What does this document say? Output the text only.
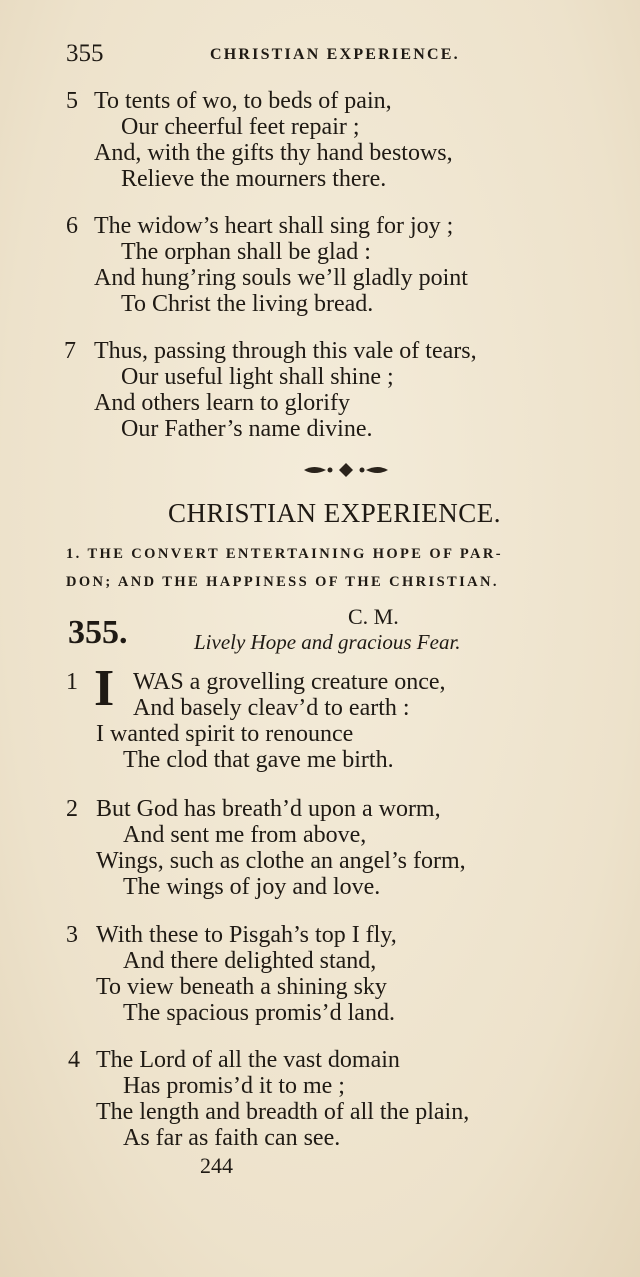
355	CHRISTIAN EXPERIENCE.
5 To tents of wo, to beds of pain,
Our cheerful feet repair ;
And, with the gifts thy hand bestows,
Relieve the mourners there.
6 The widow’s heart shall sing for joy ;
The orphan shall be glad :
And hung’ring souls we’ll gladly point
To Christ the living bread.
7 Thus, passing through this vale of tears,
Our useful light shall shine ;
And others learn to glorify
Our Father’s name divine.
CHRISTIAN EXPERIENCE.
1. THE CONVERT ENTERTAINING HOPE OF PAR-
DON; AND THE HAPPINESS OF THE CHRISTIAN.
355.	C. M.
Lively Hope and gracious Fear.
1 I WAS a grovelling creature once,
And basely cleav’d to earth :
I wanted spirit to renounce
The clod that gave me birth.
2 But God has breath’d upon a worm,
And sent me from above,
Wings, such as clothe an angel’s form,
The wings of joy and love.
3 With these to Pisgah’s top I fly,
And there delighted stand,
To view beneath a shining sky
The spacious promis’d land.
4 The Lord of all the vast domain
Has promis’d it to me ;
The length and breadth of all the plain,
As far as faith can see.
244
